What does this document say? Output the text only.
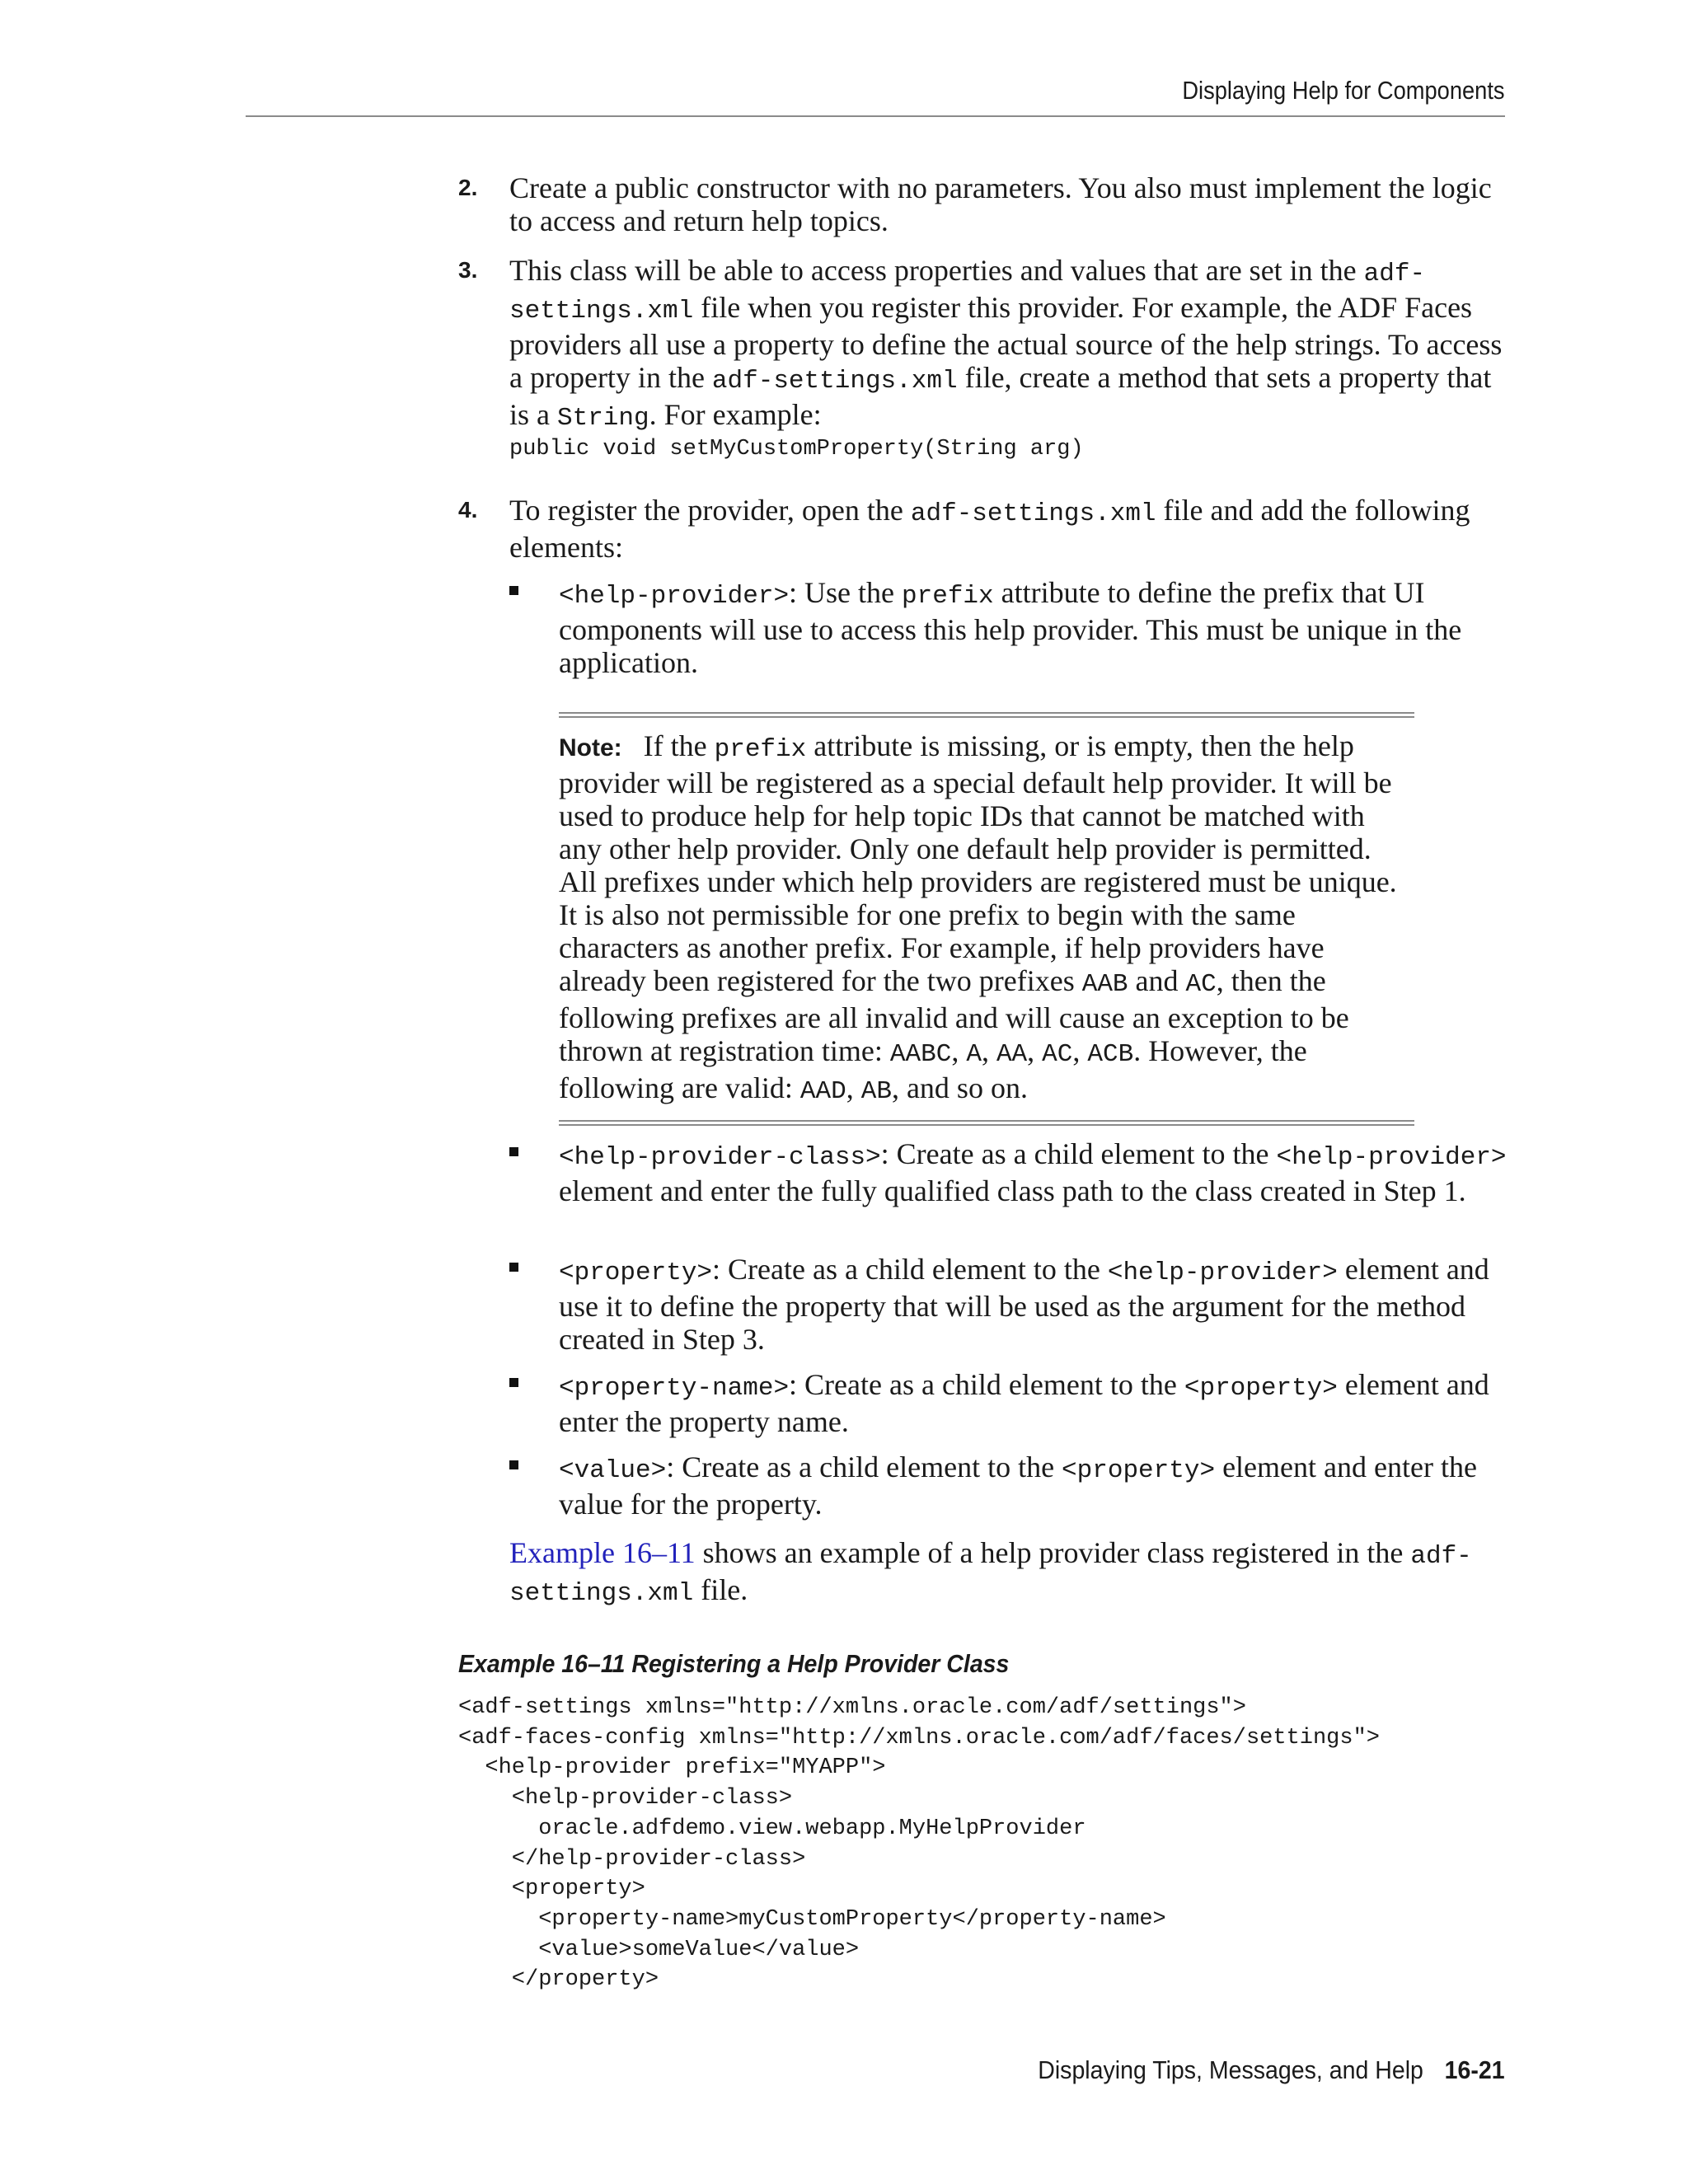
Displaying Help for Components
2. Create a public constructor with no parameters. You also must implement the logic to access and return help topics.
3. This class will be able to access properties and values that are set in the adf-settings.xml file when you register this provider. For example, the ADF Faces providers all use a property to define the actual source of the help strings. To access a property in the adf-settings.xml file, create a method that sets a property that is a String. For example:
public void setMyCustomProperty(String arg)
4. To register the provider, open the adf-settings.xml file and add the following elements:
<help-provider>: Use the prefix attribute to define the prefix that UI components will use to access this help provider. This must be unique in the application.
Note: If the prefix attribute is missing, or is empty, then the help provider will be registered as a special default help provider. It will be used to produce help for help topic IDs that cannot be matched with any other help provider. Only one default help provider is permitted. All prefixes under which help providers are registered must be unique. It is also not permissible for one prefix to begin with the same characters as another prefix. For example, if help providers have already been registered for the two prefixes AAB and AC, then the following prefixes are all invalid and will cause an exception to be thrown at registration time: AABC, A, AA, AC, ACB. However, the following are valid: AAD, AB, and so on.
<help-provider-class>: Create as a child element to the <help-provider> element and enter the fully qualified class path to the class created in Step 1.
<property>: Create as a child element to the <help-provider> element and use it to define the property that will be used as the argument for the method created in Step 3.
<property-name>: Create as a child element to the <property> element and enter the property name.
<value>: Create as a child element to the <property> element and enter the value for the property.
Example 16–11 shows an example of a help provider class registered in the adf-settings.xml file.
Example 16–11 Registering a Help Provider Class
<adf-settings xmlns="http://xmlns.oracle.com/adf/settings">
<adf-faces-config xmlns="http://xmlns.oracle.com/adf/faces/settings">
<help-provider prefix="MYAPP">
<help-provider-class>
oracle.adfdemo.view.webapp.MyHelpProvider
</help-provider-class>
<property>
<property-name>myCustomProperty</property-name>
<value>someValue</value>
</property>
Displaying Tips, Messages, and Help 16-21
